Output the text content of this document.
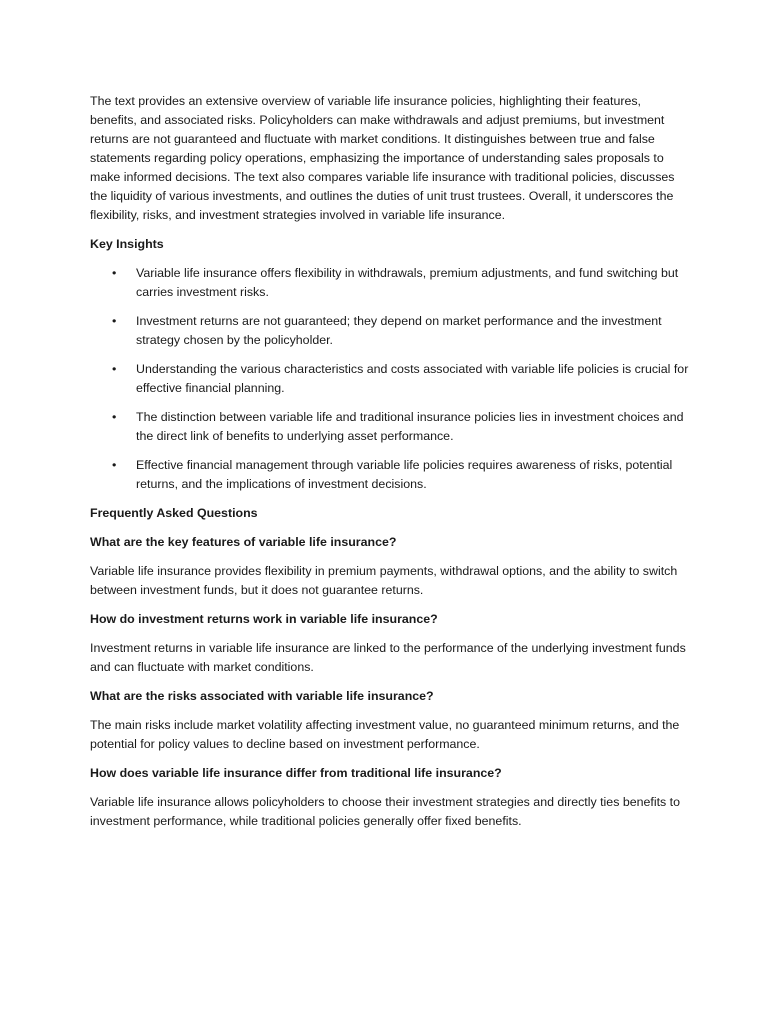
The text provides an extensive overview of variable life insurance policies, highlighting their features, benefits, and associated risks. Policyholders can make withdrawals and adjust premiums, but investment returns are not guaranteed and fluctuate with market conditions. It distinguishes between true and false statements regarding policy operations, emphasizing the importance of understanding sales proposals to make informed decisions. The text also compares variable life insurance with traditional policies, discusses the liquidity of various investments, and outlines the duties of unit trust trustees. Overall, it underscores the flexibility, risks, and investment strategies involved in variable life insurance.

Key Insights

• Variable life insurance offers flexibility in withdrawals, premium adjustments, and fund switching but carries investment risks.
• Investment returns are not guaranteed; they depend on market performance and the investment strategy chosen by the policyholder.
• Understanding the various characteristics and costs associated with variable life policies is crucial for effective financial planning.
• The distinction between variable life and traditional insurance policies lies in investment choices and the direct link of benefits to underlying asset performance.
• Effective financial management through variable life policies requires awareness of risks, potential returns, and the implications of investment decisions.

Frequently Asked Questions

What are the key features of variable life insurance?

Variable life insurance provides flexibility in premium payments, withdrawal options, and the ability to switch between investment funds, but it does not guarantee returns.

How do investment returns work in variable life insurance?

Investment returns in variable life insurance are linked to the performance of the underlying investment funds and can fluctuate with market conditions.

What are the risks associated with variable life insurance?

The main risks include market volatility affecting investment value, no guaranteed minimum returns, and the potential for policy values to decline based on investment performance.

How does variable life insurance differ from traditional life insurance?

Variable life insurance allows policyholders to choose their investment strategies and directly ties benefits to investment performance, while traditional policies generally offer fixed benefits.
